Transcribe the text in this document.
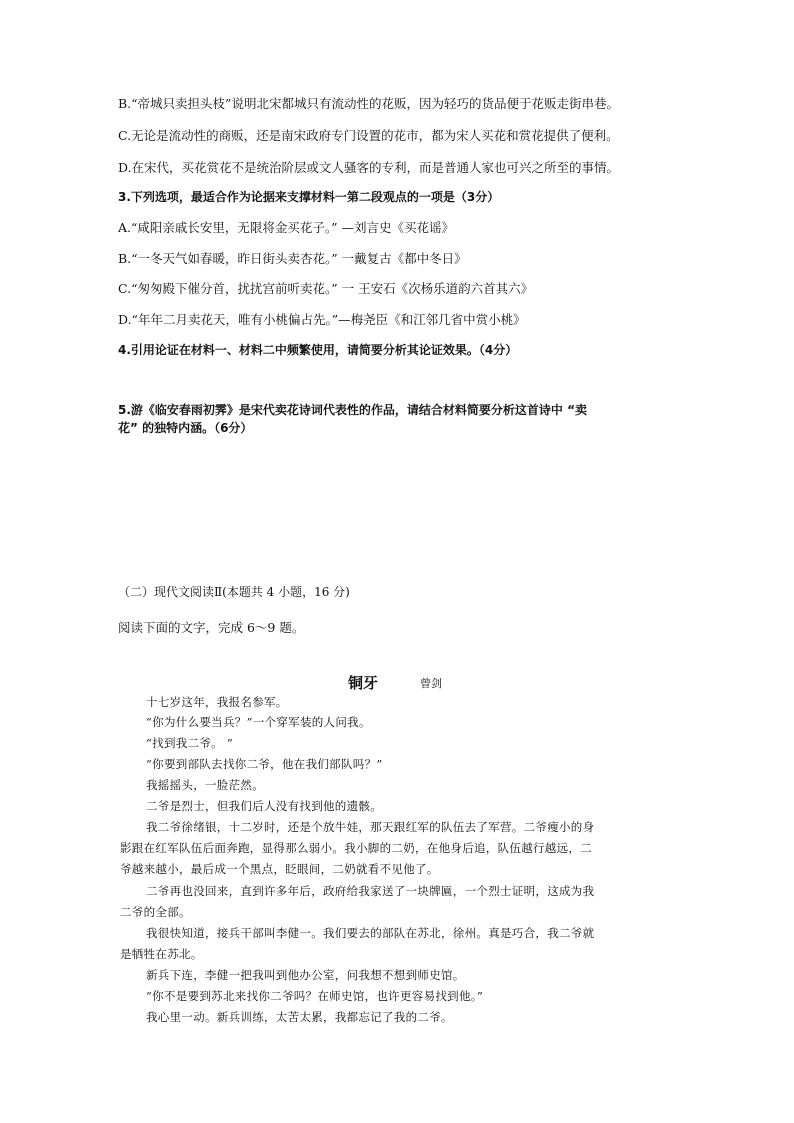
B.“帝城只卖担头枝”说明北宋都城只有流动性的花贩，因为轻巧的货品便于花贩走街串巷。
C.无论是流动性的商贩，还是南宋政府专门设置的花市，都为宋人买花和赏花提供了便利。
D.在宋代，买花赏花不是统治阶层或文人骚客的专利，而是普通人家也可兴之所至的事情。
3.下列选项，最适合作为论据来支撑材料一第二段观点的一项是（3分）
A.“咸阳亲戚长安里，无限将金买花子。” —刘言史《买花谣》
B.“一冬天气如春暖，昨日街头卖杏花。” 一戴复古《都中冬日》
C.“匆匆殿下催分首，扰扰宫前听卖花。” 一 王安石《次杨乐道韵六首其六》
D.“年年二月卖花天，唯有小桃偏占先。”—梅尧臣《和江邻几省中赏小桃》
4.引用论证在材料一、材料二中频繁使用，请简要分析其论证效果。（4分）
5.游《临安春雨初霁》是宋代卖花诗词代表性的作品，请结合材料简要分析这首诗中 “卖
花” 的独特内涵。（6分）
（二）现代文阅读Ⅱ(本题共 4 小题，16 分)
阅读下面的文字，完成 6～9 题。
铜牙	曾剑
十七岁这年，我报名参军。
“你为什么要当兵？”一个穿军装的人问我。
“找到我二爷。 ”
“你要到部队去找你二爷，他在我们部队吗？”
我摇摇头，一脸茫然。
二爷是烈士，但我们后人没有找到他的遗骸。
我二爷徐绪银，十二岁时，还是个放牛娃，那天跟红军的队伍去了军营。二爷瘦小的身
影跟在红军队伍后面奔跑，显得那么弱小。我小脚的二奶，在他身后追，队伍越行越远，二
爷越来越小，最后成一个黑点，眨眼间，二奶就看不见他了。
二爷再也没回来，直到许多年后，政府给我家送了一块牌匾，一个烈士证明，这成为我
二爷的全部。
我很快知道，接兵干部叫李健一。我们要去的部队在苏北，徐州。真是巧合，我二爷就
是牺牲在苏北。
新兵下连，李健一把我叫到他办公室，问我想不想到师史馆。
“你不是要到苏北来找你二爷吗？在师史馆，也许更容易找到他。”
我心里一动。新兵训练，太苦太累，我都忘记了我的二爷。
